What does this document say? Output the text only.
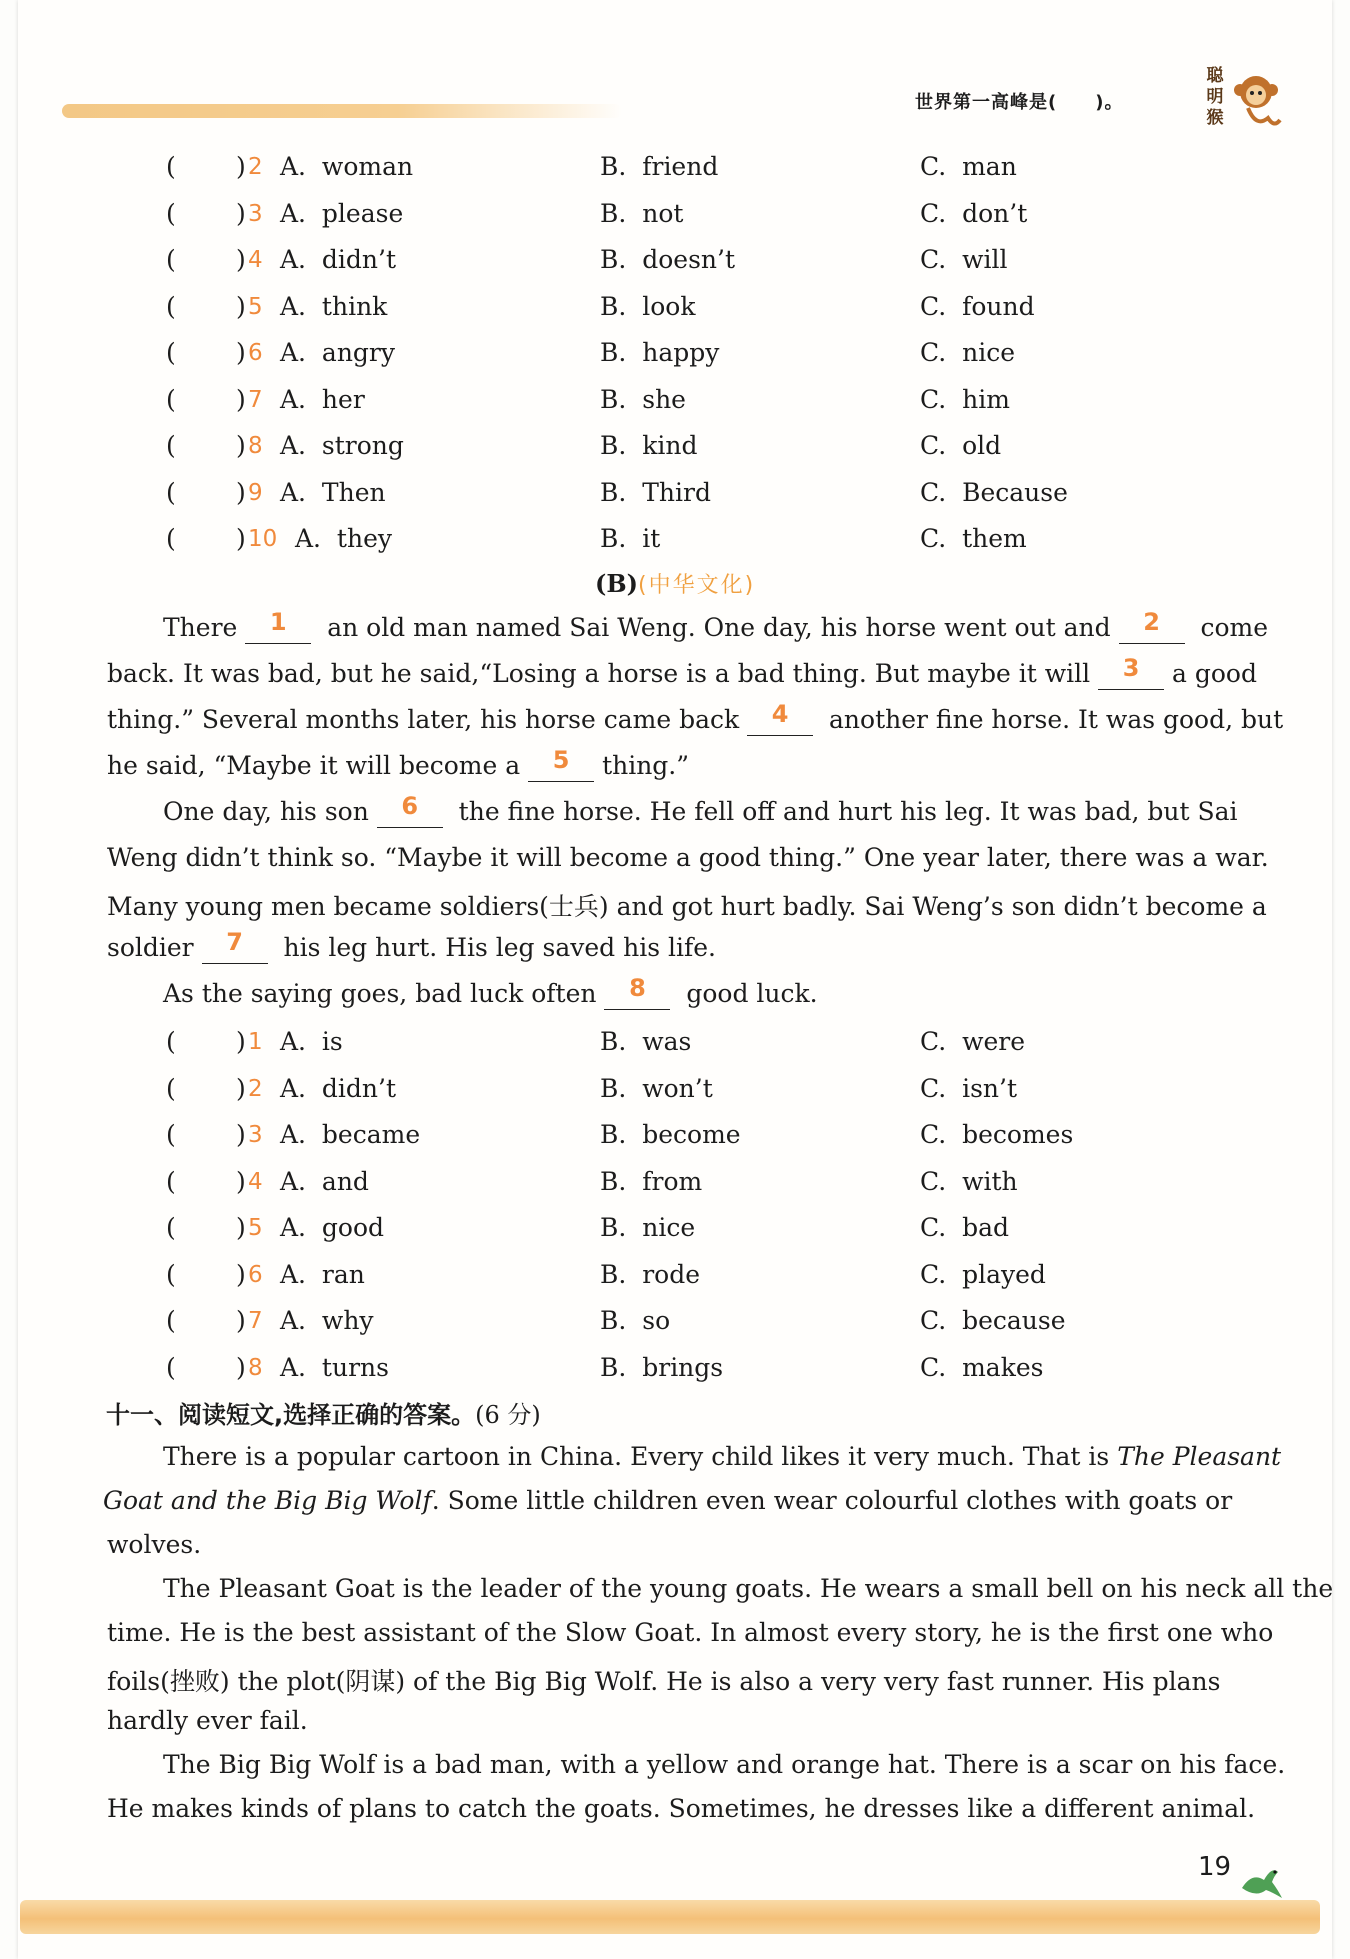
世界第一高峰是(　　)。
聪明猴
( ) 2 A. woman	B. friend	C. man
( ) 3 A. please	B. not	C. don’t
( ) 4 A. didn’t	B. doesn’t	C. will
( ) 5 A. think	B. look	C. found
( ) 6 A. angry	B. happy	C. nice
( ) 7 A. her	B. she	C. him
( ) 8 A. strong	B. kind	C. old
( ) 9 A. Then	B. Third	C. Because
( ) 10 A. they	B. it	C. them
(B)(中华文化)
There 1 an old man named Sai Weng. One day, his horse went out and 2 come
back. It was bad, but he said,“Losing a horse is a bad thing. But maybe it will 3 a good
thing.” Several months later, his horse came back 4 another fine horse. It was good, but
he said, “Maybe it will become a 5 thing.”
One day, his son 6 the fine horse. He fell off and hurt his leg. It was bad, but Sai
Weng didn’t think so. “Maybe it will become a good thing.” One year later, there was a war.
Many young men became soldiers(士兵) and got hurt badly. Sai Weng’s son didn’t become a
soldier 7 his leg hurt. His leg saved his life.
As the saying goes, bad luck often 8 good luck.
( ) 1 A. is	B. was	C. were
( ) 2 A. didn’t	B. won’t	C. isn’t
( ) 3 A. became	B. become	C. becomes
( ) 4 A. and	B. from	C. with
( ) 5 A. good	B. nice	C. bad
( ) 6 A. ran	B. rode	C. played
( ) 7 A. why	B. so	C. because
( ) 8 A. turns	B. brings	C. makes
十一、阅读短文,选择正确的答案。(6 分)
There is a popular cartoon in China. Every child likes it very much. That is The Pleasant
Goat and the Big Big Wolf. Some little children even wear colourful clothes with goats or
wolves.
The Pleasant Goat is the leader of the young goats. He wears a small bell on his neck all the
time. He is the best assistant of the Slow Goat. In almost every story, he is the first one who
foils(挫败) the plot(阴谋) of the Big Big Wolf. He is also a very very fast runner. His plans
hardly ever fail.
The Big Big Wolf is a bad man, with a yellow and orange hat. There is a scar on his face.
He makes kinds of plans to catch the goats. Sometimes, he dresses like a different animal.
19
